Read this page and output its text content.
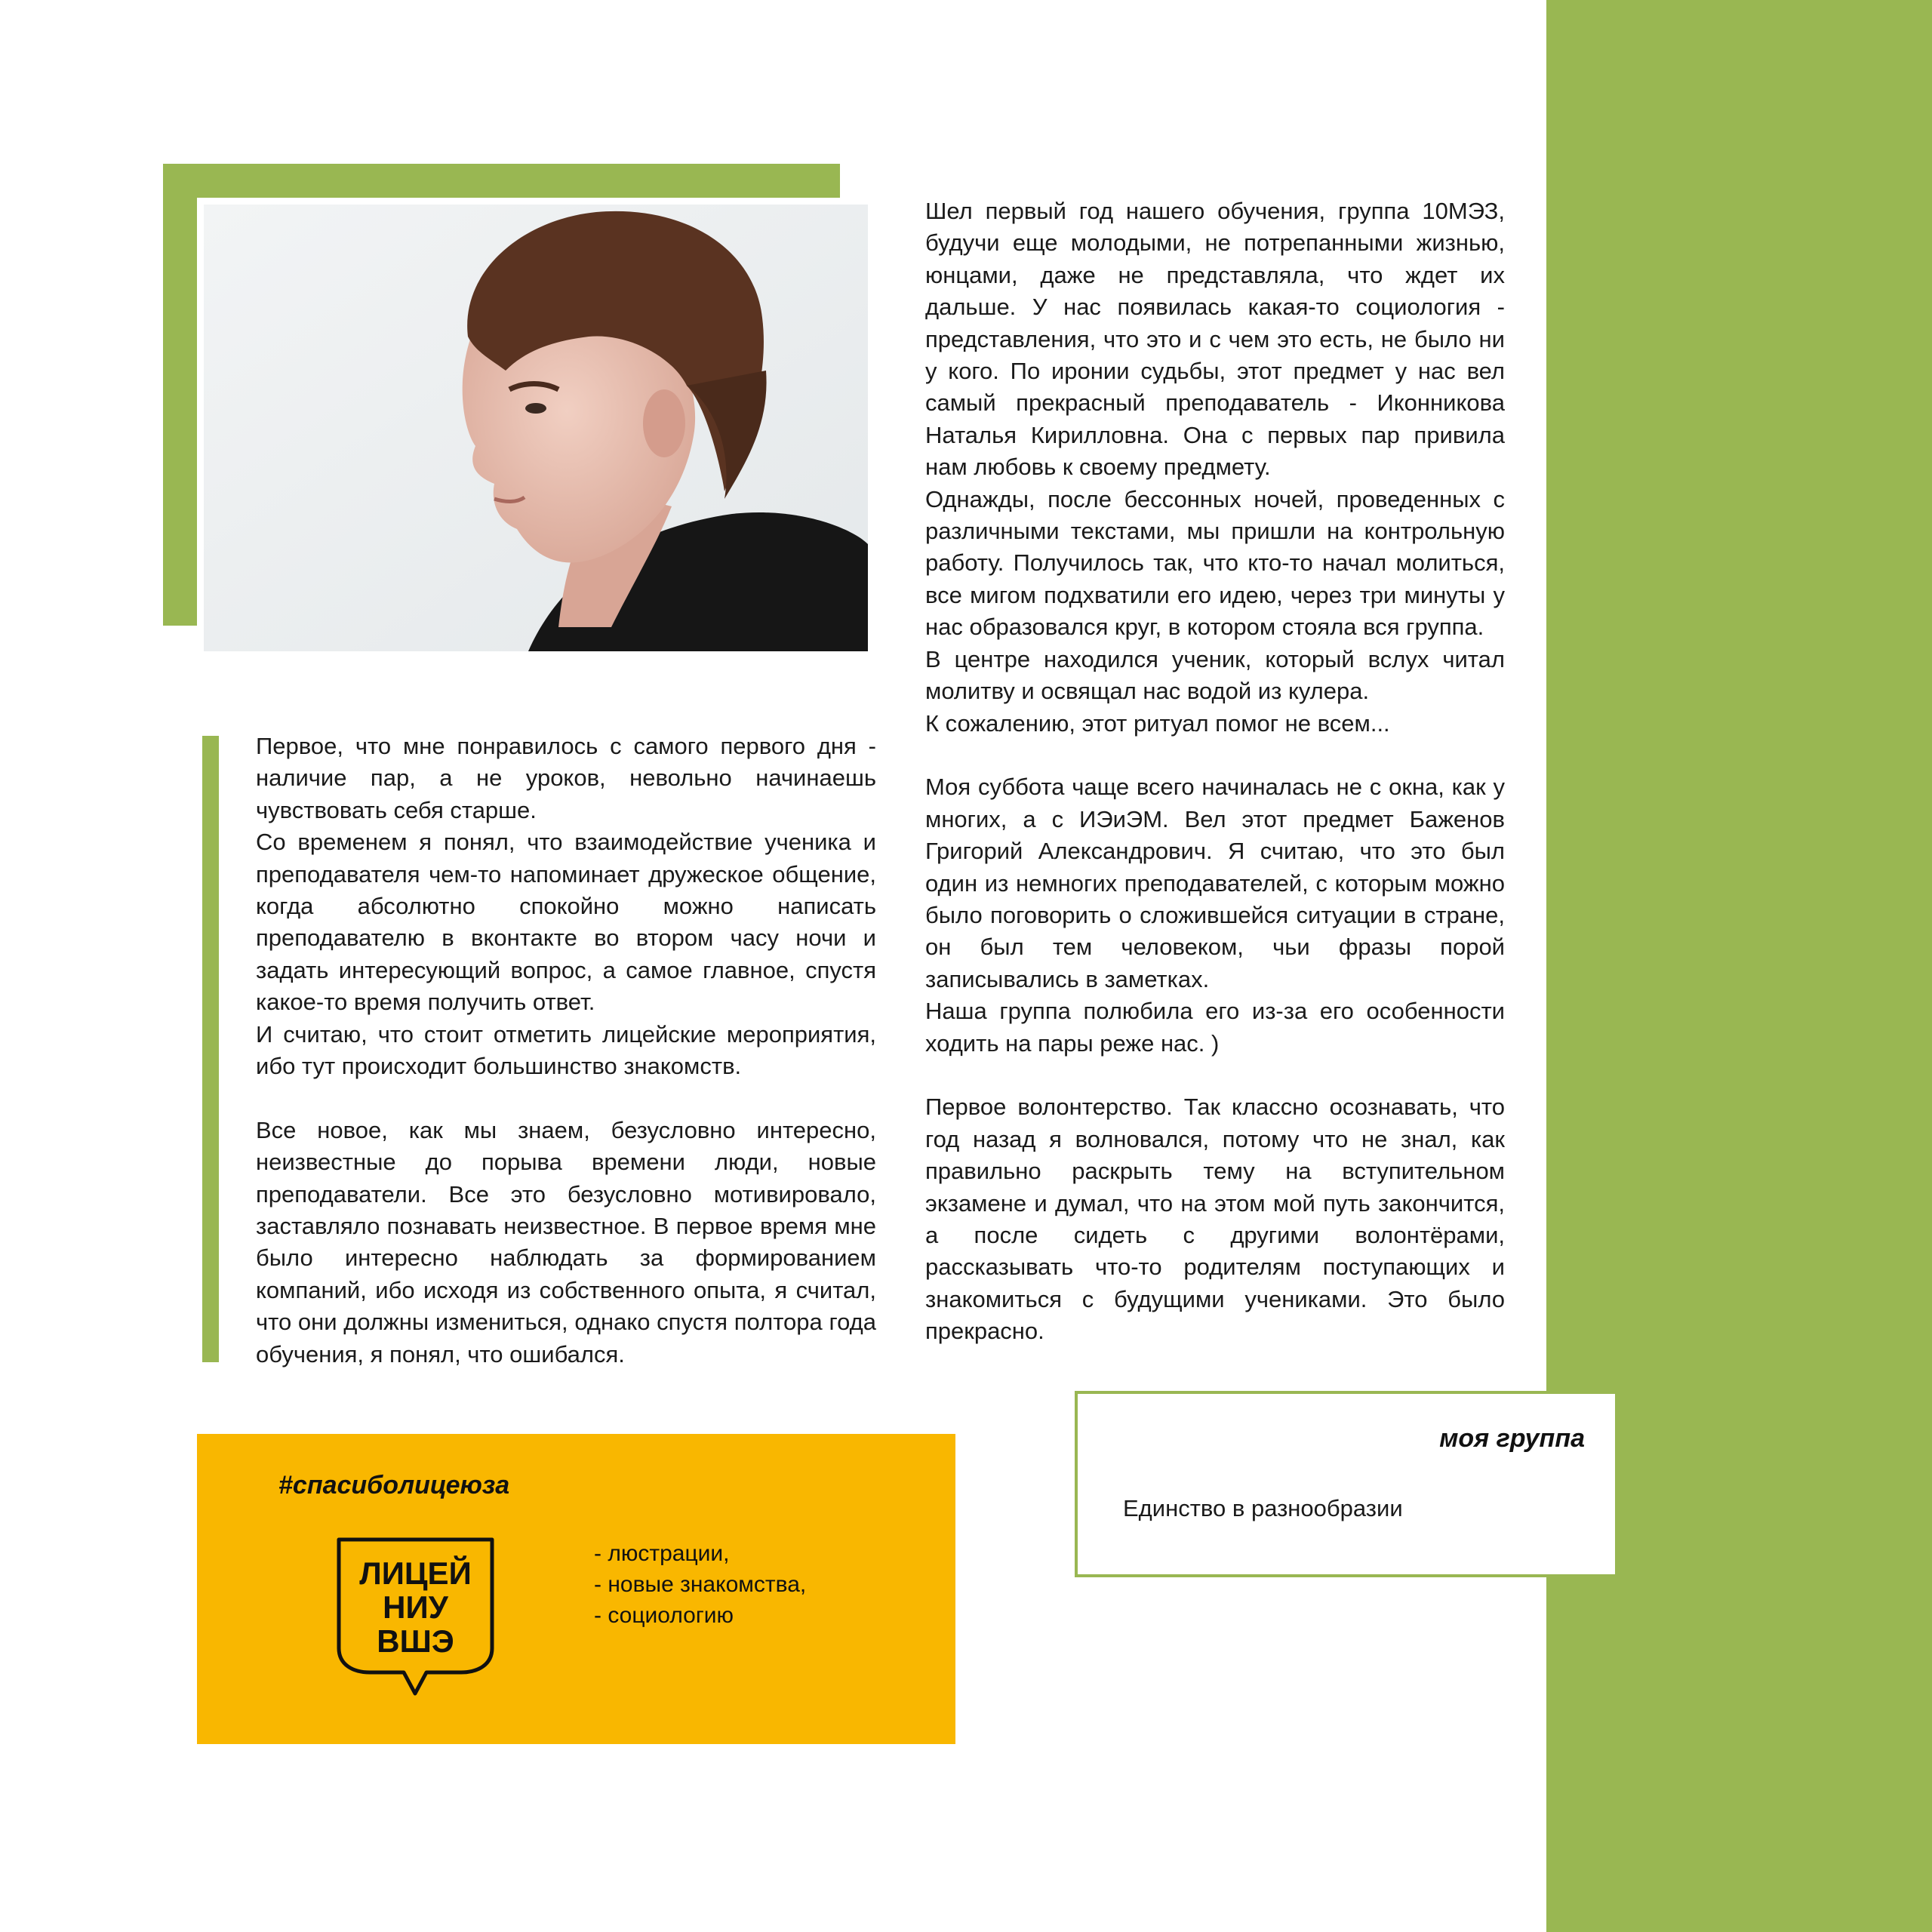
Первое, что мне понравилось с самого первого дня - наличие пар, а не уроков, невольно начинаешь чувствовать себя старше.

Со временем я понял, что взаимодействие ученика и преподавателя чем-то напоминает дружеское общение, когда абсолютно спокойно можно написать преподавателю в вконтакте во втором часу ночи и задать интересующий вопрос, а самое главное, спустя какое-то время получить ответ.

И считаю, что стоит отметить лицейские мероприятия, ибо тут происходит большинство знакомств.

Все новое, как мы знаем, безусловно интересно, неизвестные до порыва времени люди, новые преподаватели. Все это безусловно мотивировало, заставляло познавать неизвестное. В первое время мне было интересно наблюдать за формированием компаний, ибо исходя из собственного опыта, я считал, что они должны измениться, однако спустя полтора года обучения, я понял, что ошибался.

Шел первый год нашего обучения, группа 10МЭЗ, будучи еще молодыми, не потрепанными жизнью, юнцами, даже не представляла, что ждет их дальше. У нас появилась какая-то социология - представления, что это и с чем это есть, не было ни у кого. По иронии судьбы, этот предмет у нас вел самый прекрасный преподаватель - Иконникова Наталья Кирилловна. Она с первых пар привила нам любовь к своему предмету.

Однажды, после бессонных ночей, проведенных с различными текстами, мы пришли на контрольную работу. Получилось так, что кто-то начал молиться, все мигом подхватили его идею, через три минуты у нас образовался круг, в котором стояла вся группа.

В центре находился ученик, который вслух читал молитву и освящал нас водой из кулера.

К сожалению, этот ритуал помог не всем...

Моя суббота чаще всего начиналась не с окна, как у многих, а с ИЭиЭМ. Вел этот предмет Баженов Григорий Александрович. Я считаю, что это был один из немногих преподавателей, с которым можно было поговорить о сложившейся ситуации в стране, он был тем человеком, чьи фразы порой записывались в заметках.

Наша группа полюбила его из-за его особенности ходить на пары реже нас. )

Первое волонтерство. Так классно осознавать, что год назад я волновался, потому что не знал, как правильно раскрыть тему на вступительном экзамене и думал, что на этом мой путь закончится, а после сидеть с другими волонтёрами, рассказывать что-то родителям поступающих и знакомиться с будущими учениками. Это было прекрасно.

#спасиболицеюза
ЛИЦЕЙ
НИУ
ВШЭ
- люстрации,
- новые знакомства,
- социологию
моя группа
Единство в разнообразии
